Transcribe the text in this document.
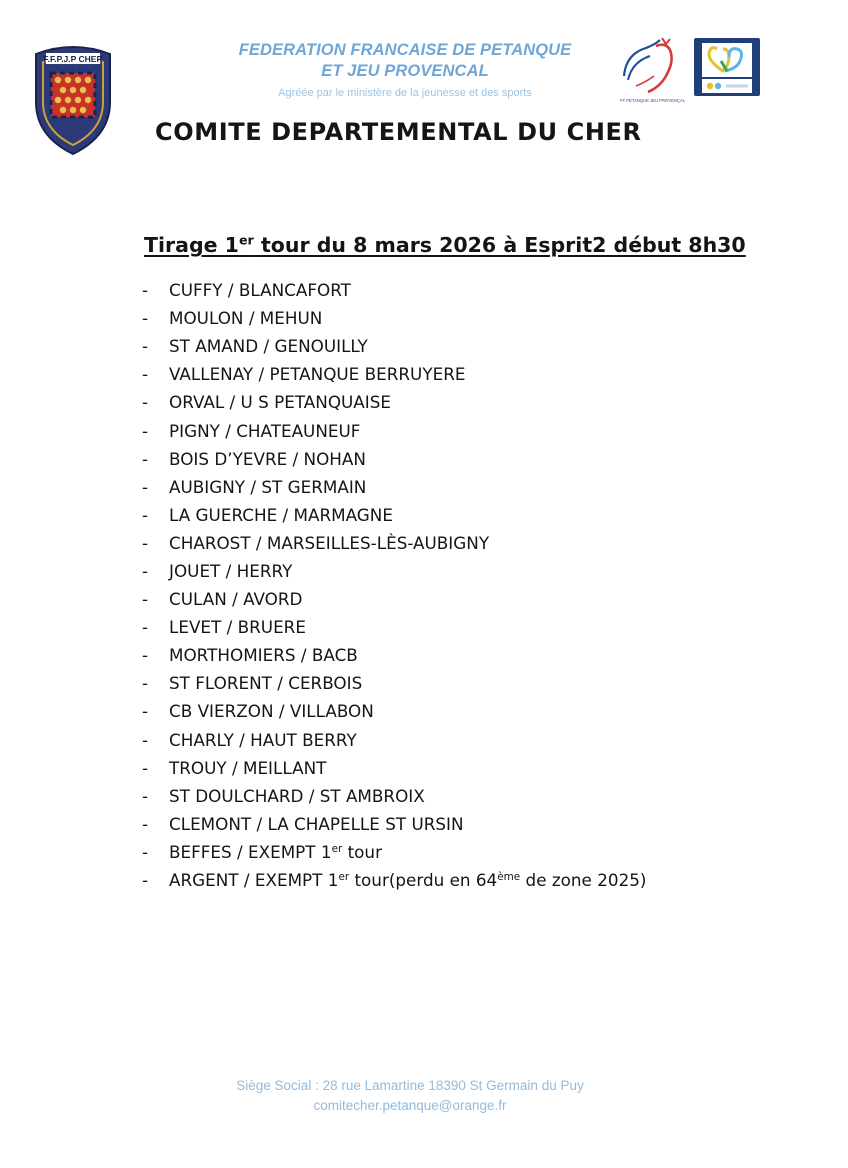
F.F.P.J.P CHER	FEDERATION FRANCAISE DE PETANQUE
ET JEU PROVENCAL
Agréée par le ministère de la jeunesse et des sports
FF PÉTANQUE JEU PROVENÇAL
COMITE DEPARTEMENTAL DU CHER
Tirage 1er tour du 8 mars 2026 à Esprit2 début 8h30
-	CUFFY / BLANCAFORT
-	MOULON / MEHUN
-	ST AMAND / GENOUILLY
-	VALLENAY / PETANQUE BERRUYERE
-	ORVAL / U S PETANQUAISE
-	PIGNY / CHATEAUNEUF
-	BOIS D’YEVRE / NOHAN
-	AUBIGNY / ST GERMAIN
-	LA GUERCHE / MARMAGNE
-	CHAROST / MARSEILLES-LÈS-AUBIGNY
-	JOUET / HERRY
-	CULAN / AVORD
-	LEVET / BRUERE
-	MORTHOMIERS / BACB
-	ST FLORENT / CERBOIS
-	CB VIERZON / VILLABON
-	CHARLY / HAUT BERRY
-	TROUY / MEILLANT
-	ST DOULCHARD / ST AMBROIX
-	CLEMONT / LA CHAPELLE ST URSIN
-	BEFFES / EXEMPT 1er tour
-	ARGENT / EXEMPT 1er tour(perdu en 64ème de zone 2025)
Siège Social : 28 rue Lamartine 18390 St Germain du Puy
comitecher.petanque@orange.fr
